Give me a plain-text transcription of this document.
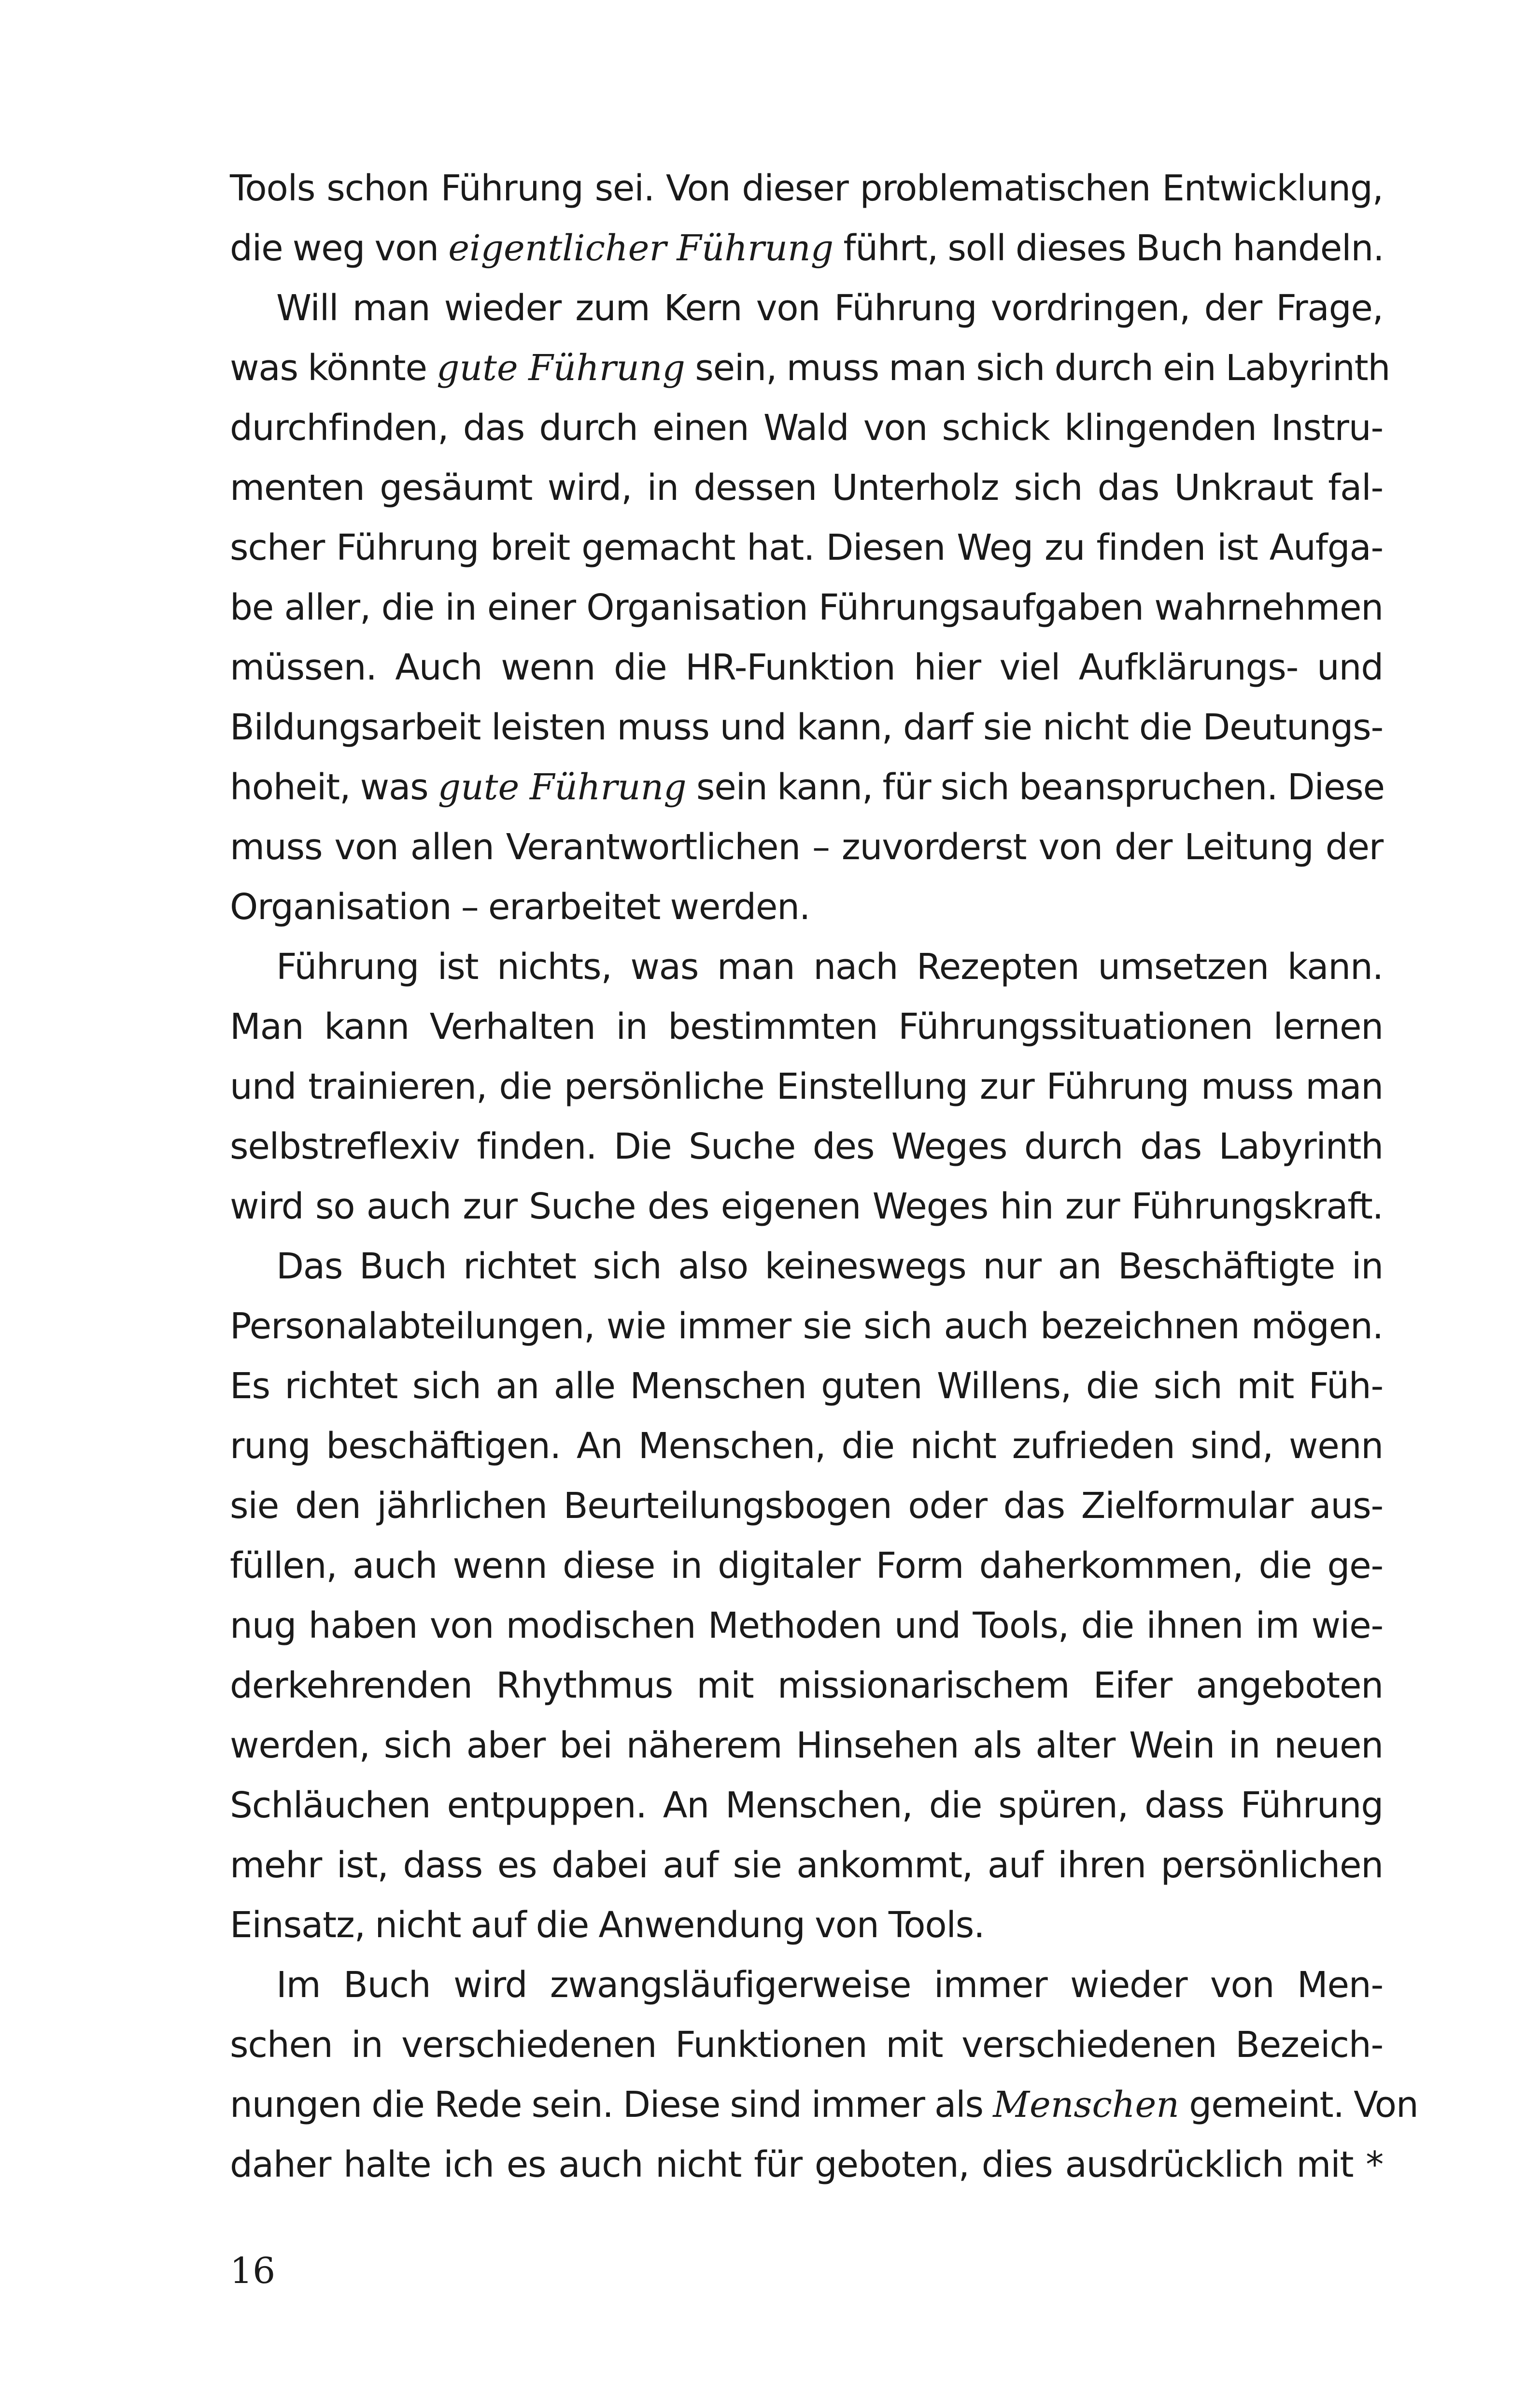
Tools schon Führung sei. Von dieser problematischen Entwicklung,
die weg von eigentlicher Führung führt, soll dieses Buch handeln.
Will man wieder zum Kern von Führung vordringen, der Frage,
was könnte gute Führung sein, muss man sich durch ein Labyrinth
durchfinden, das durch einen Wald von schick klingenden Instru-
menten gesäumt wird, in dessen Unterholz sich das Unkraut fal-
scher Führung breit gemacht hat. Diesen Weg zu finden ist Aufga-
be aller, die in einer Organisation Führungsaufgaben wahrnehmen
müssen. Auch wenn die HR-Funktion hier viel Aufklärungs- und
Bildungsarbeit leisten muss und kann, darf sie nicht die Deutungs-
hoheit, was gute Führung sein kann, für sich beanspruchen. Diese
muss von allen Verantwortlichen – zuvorderst von der Leitung der
Organisation – erarbeitet werden.
Führung ist nichts, was man nach Rezepten umsetzen kann.
Man kann Verhalten in bestimmten Führungssituationen lernen
und trainieren, die persönliche Einstellung zur Führung muss man
selbstreflexiv finden. Die Suche des Weges durch das Labyrinth
wird so auch zur Suche des eigenen Weges hin zur Führungskraft.
Das Buch richtet sich also keineswegs nur an Beschäftigte in
Personalabteilungen, wie immer sie sich auch bezeichnen mögen.
Es richtet sich an alle Menschen guten Willens, die sich mit Füh-
rung beschäftigen. An Menschen, die nicht zufrieden sind, wenn
sie den jährlichen Beurteilungsbogen oder das Zielformular aus-
füllen, auch wenn diese in digitaler Form daherkommen, die ge-
nug haben von modischen Methoden und Tools, die ihnen im wie-
derkehrenden Rhythmus mit missionarischem Eifer angeboten
werden, sich aber bei näherem Hinsehen als alter Wein in neuen
Schläuchen entpuppen. An Menschen, die spüren, dass Führung
mehr ist, dass es dabei auf sie ankommt, auf ihren persönlichen
Einsatz, nicht auf die Anwendung von Tools.
Im Buch wird zwangsläufigerweise immer wieder von Men-
schen in verschiedenen Funktionen mit verschiedenen Bezeich-
nungen die Rede sein. Diese sind immer als Menschen gemeint. Von
daher halte ich es auch nicht für geboten, dies ausdrücklich mit *
16
